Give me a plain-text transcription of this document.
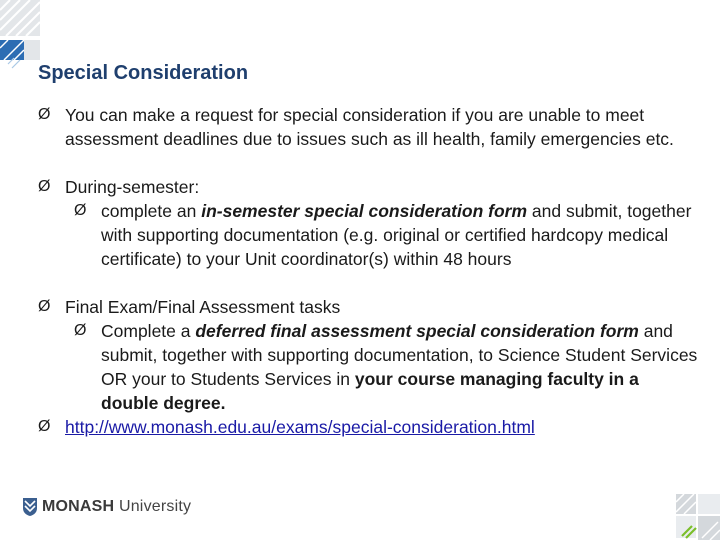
Special Consideration
Ø You can make a request for special consideration if you are unable to meet assessment deadlines due to issues such as ill health, family emergencies etc.
Ø During-semester:
Ø complete an in-semester special consideration form and submit, together with supporting documentation (e.g. original or certified hardcopy medical certificate) to your Unit coordinator(s) within 48 hours
Ø Final Exam/Final Assessment tasks
Ø Complete a deferred final assessment special consideration form and submit, together with supporting documentation, to Science Student Services OR your to Students Services in your course managing faculty in a double degree.
Ø http://www.monash.edu.au/exams/special-consideration.html
MONASH University
